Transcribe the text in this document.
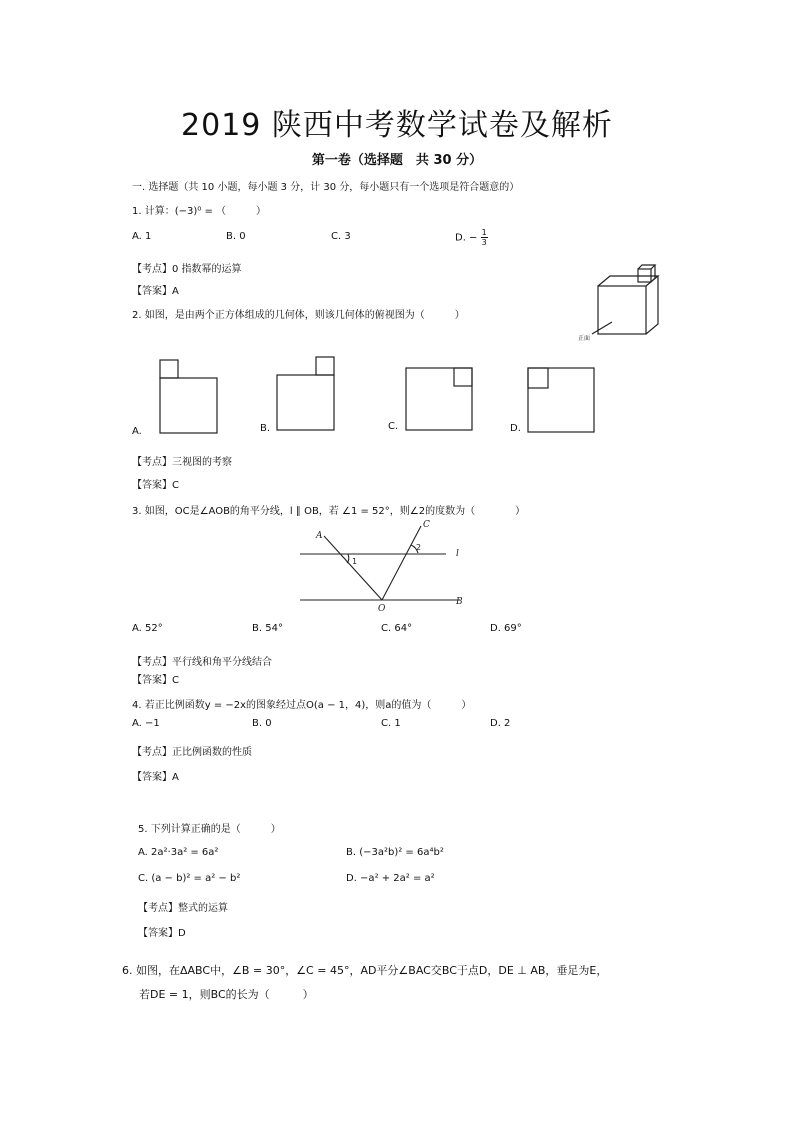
2019 陕西中考数学试卷及解析
第一卷（选择题　共 30 分）
一. 选择题（共 10 小题，每小题 3 分，计 30 分，每小题只有一个选项是符合题意的）
1. 计算：(−3)⁰ = （　　　）
A. 1	B. 0	C. 3	D. − $\frac{1}{3}$
【考点】0 指数幂的运算
【答案】A
2. 如图，是由两个正方体组成的几何体，则该几何体的俯视图为（　　　）
正面
A.	B.	C.	D.
【考点】三视图的考察
【答案】C
3. 如图，OC是∠AOB的角平分线，l ∥ OB，若 ∠1 = 52°，则∠2的度数为（　　　　）
A
C
O
B
l
1
2
A. 52°	B. 54°	C. 64°	D. 69°
【考点】平行线和角平分线结合
【答案】C
4. 若正比例函数y = −2x的图象经过点O(a − 1，4)，则a的值为（　　　）
A. −1	B. 0	C. 1	D. 2
【考点】正比例函数的性质
【答案】A
5. 下列计算正确的是（　　　）
A. 2a²·3a² = 6a²	B. (−3a²b)² = 6a⁴b²
C. (a − b)² = a² − b²	D. −a² + 2a² = a²
【考点】整式的运算
【答案】D
6. 如图，在ΔABC中，∠B = 30°，∠C = 45°，AD平分∠BAC交BC于点D，DE ⊥ AB，垂足为E，
若DE = 1，则BC的长为（　　　）
